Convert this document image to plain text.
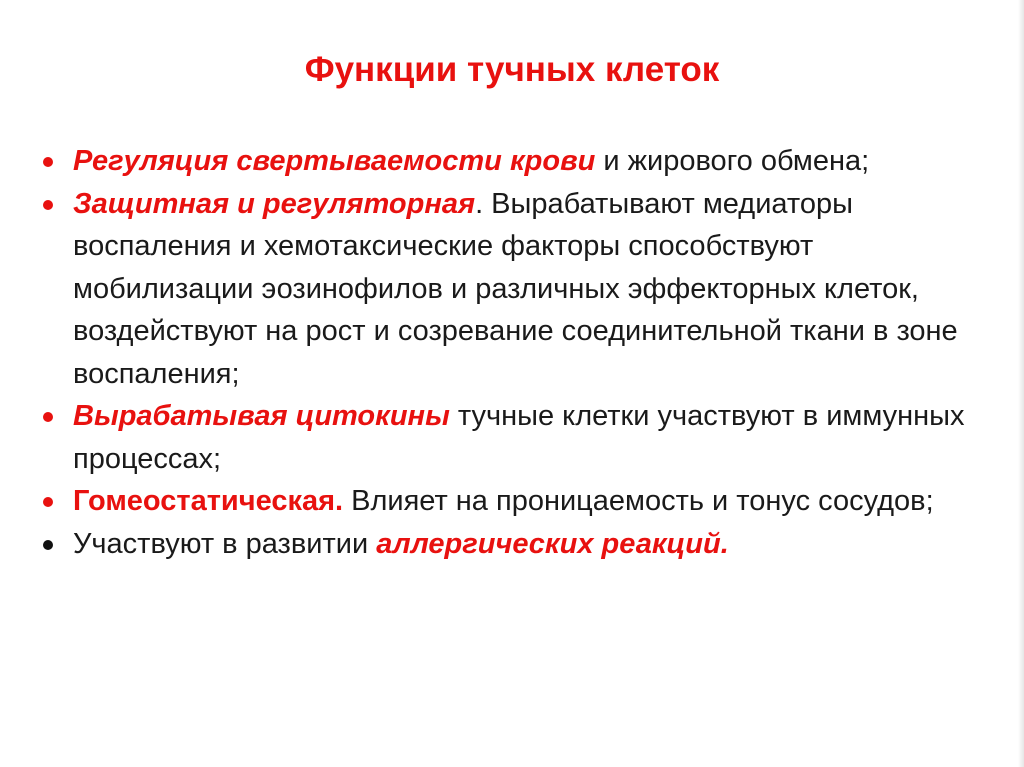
Функции тучных клеток
Регуляция свертываемости крови и жирового обмена;
Защитная и регуляторная. Вырабатывают медиаторы воспаления и хемотаксические факторы способствуют мобилизации эозинофилов и различных эффекторных клеток, воздействуют на рост и созревание соединительной ткани в зоне воспаления;
Вырабатывая цитокины тучные клетки участвуют в иммунных процессах;
Гомеостатическая. Влияет на проницаемость и тонус сосудов;
Участвуют в развитии аллергических реакций.
